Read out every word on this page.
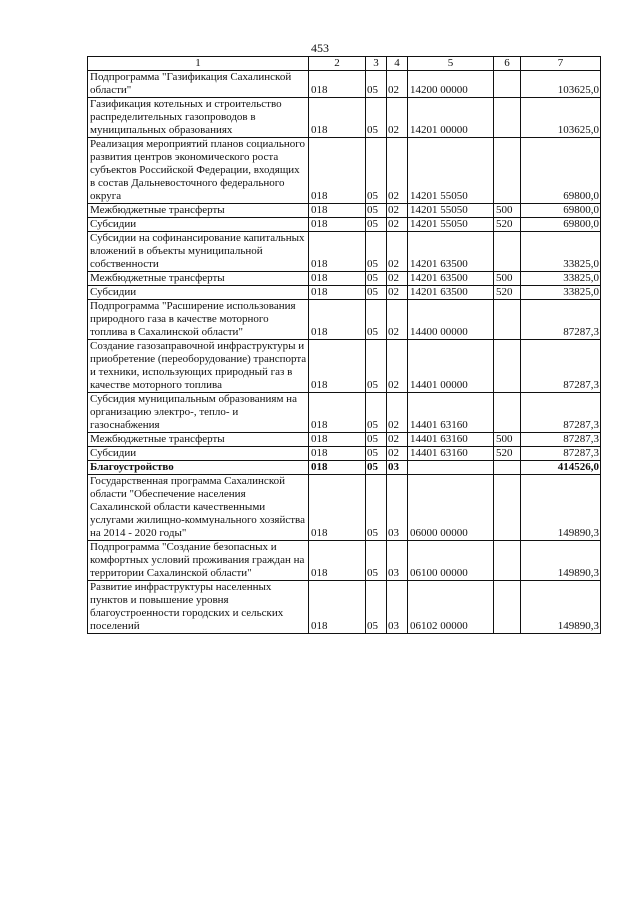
453
1	2	3	4	5	6	7
Подпрограмма "Газификация Сахалинской области"	018	05	02	14200 00000		103625,0
Газификация котельных и строительство распределительных газопроводов в муниципальных образованиях	018	05	02	14201 00000		103625,0
Реализация мероприятий планов социального развития центров экономического роста субъектов Российской Федерации, входящих в состав Дальневосточного федерального округа	018	05	02	14201 55050		69800,0
Межбюджетные трансферты	018	05	02	14201 55050	500	69800,0
Субсидии	018	05	02	14201 55050	520	69800,0
Субсидии на софинансирование капитальных вложений в объекты муниципальной собственности	018	05	02	14201 63500		33825,0
Межбюджетные трансферты	018	05	02	14201 63500	500	33825,0
Субсидии	018	05	02	14201 63500	520	33825,0
Подпрограмма "Расширение использования природного газа в качестве моторного топлива в Сахалинской области"	018	05	02	14400 00000		87287,3
Создание газозаправочной инфраструктуры и приобретение (переоборудование) транспорта и техники, использующих природный газ в качестве моторного топлива	018	05	02	14401 00000		87287,3
Субсидия муниципальным образованиям на организацию электро-, тепло- и газоснабжения	018	05	02	14401 63160		87287,3
Межбюджетные трансферты	018	05	02	14401 63160	500	87287,3
Субсидии	018	05	02	14401 63160	520	87287,3
Благоустройство	018	05	03			414526,0
Государственная программа Сахалинской области "Обеспечение населения Сахалинской области качественными услугами жилищно-коммунального хозяйства на 2014 - 2020 годы"	018	05	03	06000 00000		149890,3
Подпрограмма "Создание безопасных и комфортных условий проживания граждан на территории Сахалинской области"	018	05	03	06100 00000		149890,3
Развитие инфраструктуры населенных пунктов и повышение уровня благоустроенности городских и сельских поселений	018	05	03	06102 00000		149890,3
